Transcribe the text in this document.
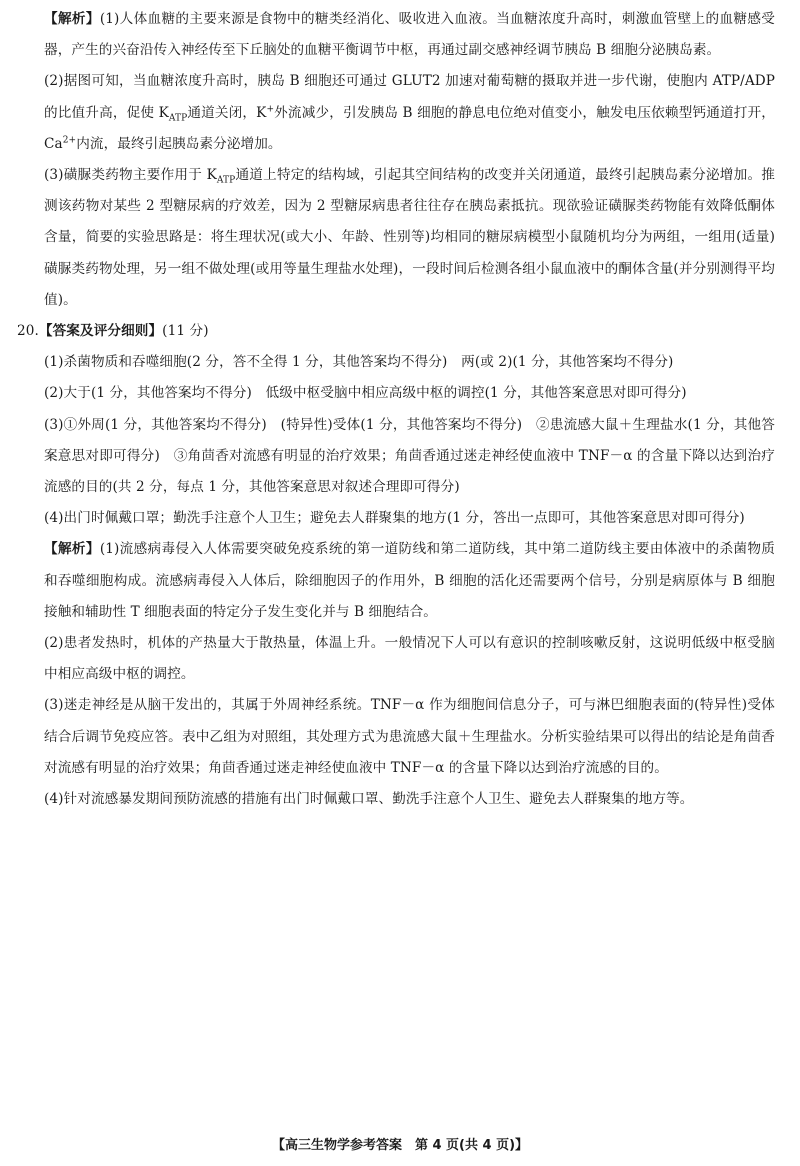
【解析】(1)人体血糖的主要来源是食物中的糖类经消化、吸收进入血液。当血糖浓度升高时，刺激血管壁上的血糖感受器，产生的兴奋沿传入神经传至下丘脑处的血糖平衡调节中枢，再通过副交感神经调节胰岛 B 细胞分泌胰岛素。

(2)据图可知，当血糖浓度升高时，胰岛 B 细胞还可通过 GLUT2 加速对葡萄糖的摄取并进一步代谢，使胞内 ATP/ADP 的比值升高，促使 $K_{ATP}$通道关闭，K+外流减少，引发胰岛 B 细胞的静息电位绝对值变小，触发电压依赖型钙通道打开，$Ca^{2+}$内流，最终引起胰岛素分泌增加。

(3)磺脲类药物主要作用于 $K_{ATP}$通道上特定的结构域，引起其空间结构的改变并关闭通道，最终引起胰岛素分泌增加。推测该药物对某些 2 型糖尿病的疗效差，因为 2 型糖尿病患者往往存在胰岛素抵抗。现欲验证磺脲类药物能有效降低酮体含量，简要的实验思路是：将生理状况(或大小、年龄、性别等)均相同的糖尿病模型小鼠随机均分为两组，一组用(适量)磺脲类药物处理，另一组不做处理(或用等量生理盐水处理)，一段时间后检测各组小鼠血液中的酮体含量(并分别测得平均值)。

20.【答案及评分细则】(11 分)

(1)杀菌物质和吞噬细胞(2 分，答不全得 1 分，其他答案均不得分)　两(或 2)(1 分，其他答案均不得分)

(2)大于(1 分，其他答案均不得分)　低级中枢受脑中相应高级中枢的调控(1 分，其他答案意思对即可得分)

(3)①外周(1 分，其他答案均不得分)　(特异性)受体(1 分，其他答案均不得分)　②患流感大鼠＋生理盐水(1 分，其他答案意思对即可得分)　③角茴香对流感有明显的治疗效果；角茴香通过迷走神经使血液中 TNF－α 的含量下降以达到治疗流感的目的(共 2 分，每点 1 分，其他答案意思对叙述合理即可得分)

(4)出门时佩戴口罩；勤洗手注意个人卫生；避免去人群聚集的地方(1 分，答出一点即可，其他答案意思对即可得分)

【解析】(1)流感病毒侵入人体需要突破免疫系统的第一道防线和第二道防线，其中第二道防线主要由体液中的杀菌物质和吞噬细胞构成。流感病毒侵入人体后，除细胞因子的作用外，B 细胞的活化还需要两个信号，分别是病原体与 B 细胞接触和辅助性 T 细胞表面的特定分子发生变化并与 B 细胞结合。

(2)患者发热时，机体的产热量大于散热量，体温上升。一般情况下人可以有意识的控制咳嗽反射，这说明低级中枢受脑中相应高级中枢的调控。

(3)迷走神经是从脑干发出的，其属于外周神经系统。TNF－α 作为细胞间信息分子，可与淋巴细胞表面的(特异性)受体结合后调节免疫应答。表中乙组为对照组，其处理方式为患流感大鼠＋生理盐水。分析实验结果可以得出的结论是角茴香对流感有明显的治疗效果；角茴香通过迷走神经使血液中 TNF－α 的含量下降以达到治疗流感的目的。

(4)针对流感暴发期间预防流感的措施有出门时佩戴口罩、勤洗手注意个人卫生、避免去人群聚集的地方等。

【高三生物学参考答案　第 4 页(共 4 页)】
